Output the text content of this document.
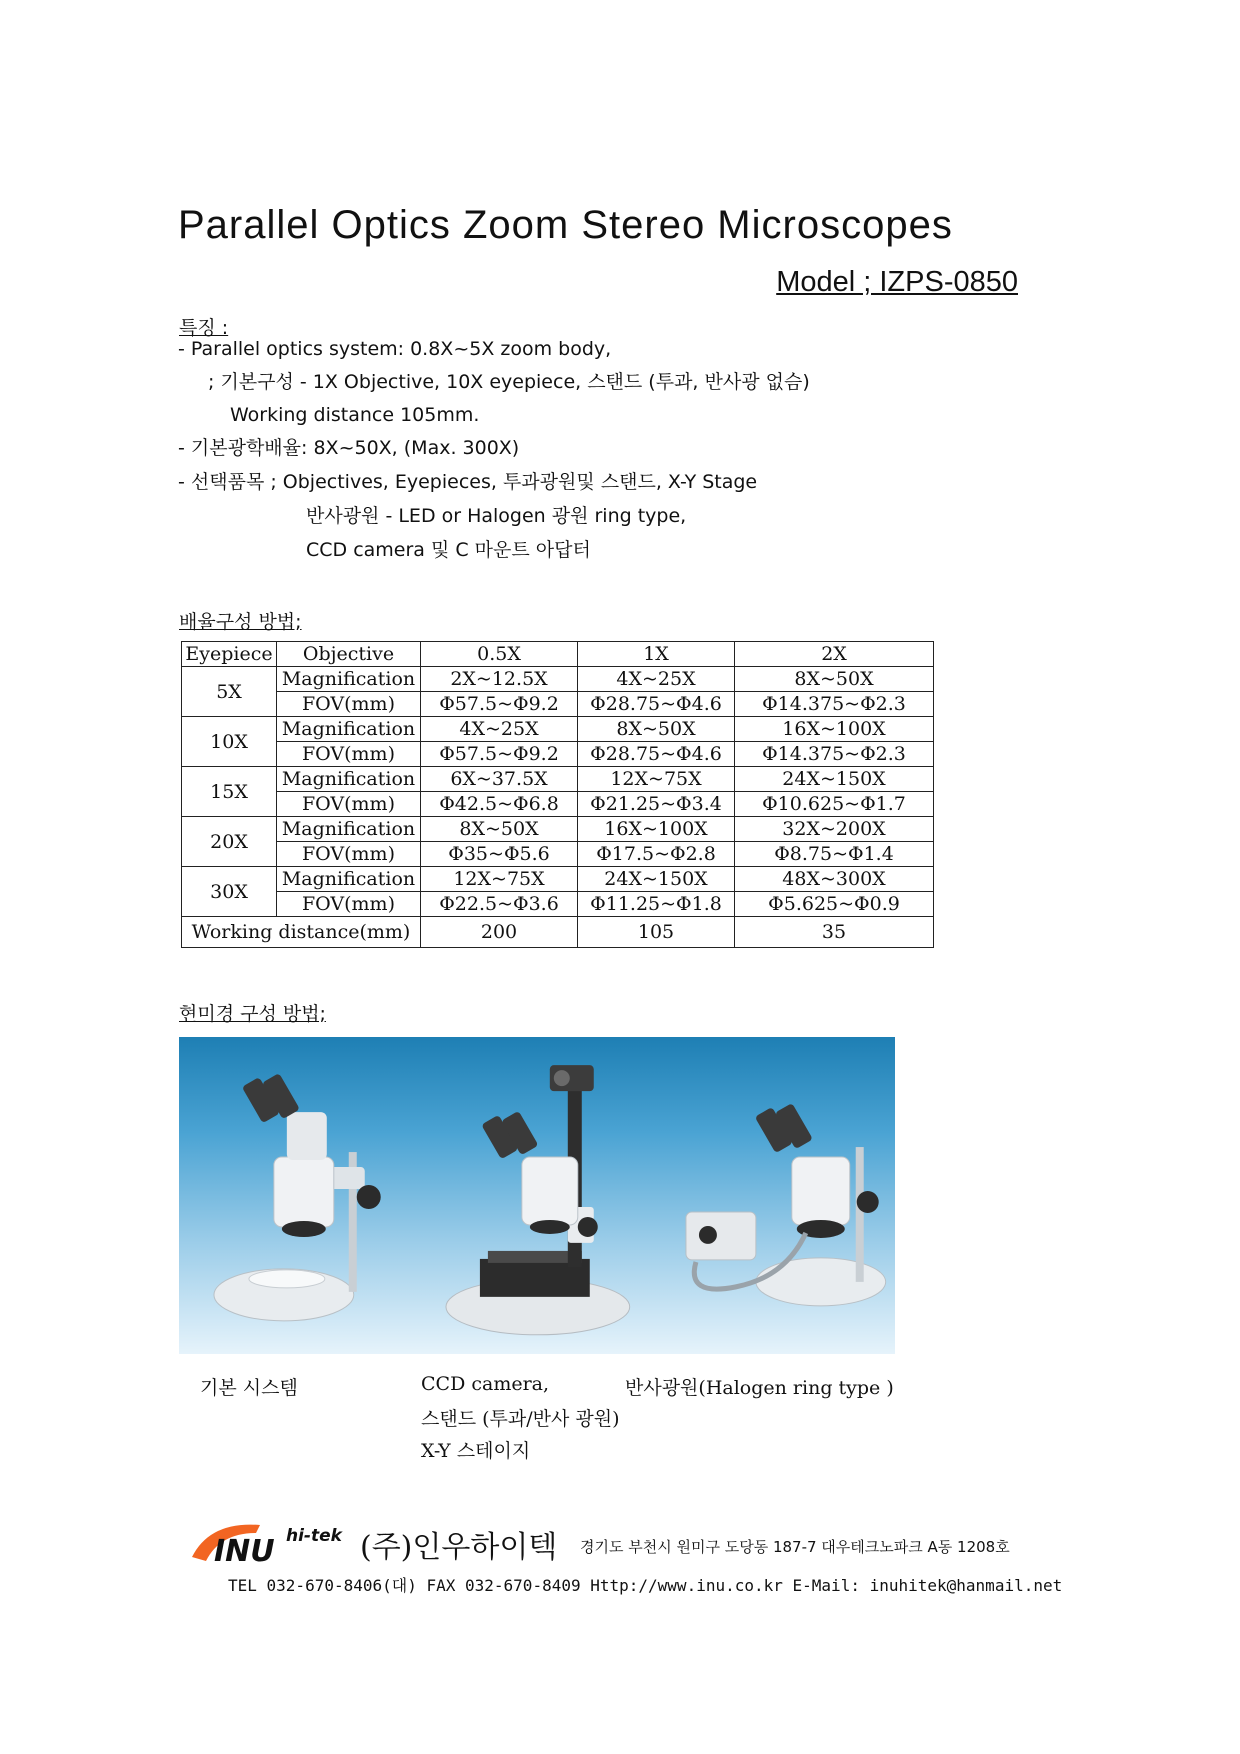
Parallel Optics Zoom Stereo Microscopes
Model ; IZPS-0850
특징 :
- Parallel optics system: 0.8X~5X zoom body,
; 기본구성 - 1X Objective, 10X eyepiece, 스탠드 (투과, 반사광 없슴)
Working distance 105mm.
- 기본광학배율: 8X~50X, (Max. 300X)
- 선택품목 ; Objectives, Eyepieces, 투과광원및 스탠드, X-Y Stage
반사광원 - LED or Halogen 광원 ring type,
CCD camera 및 C 마운트 아답터
배율구성 방법;
Eyepiece	Objective	0.5X	1X	2X
5X	Magnification	2X~12.5X	4X~25X	8X~50X
	FOV(mm)	Φ57.5~Φ9.2	Φ28.75~Φ4.6	Φ14.375~Φ2.3
10X	Magnification	4X~25X	8X~50X	16X~100X
	FOV(mm)	Φ57.5~Φ9.2	Φ28.75~Φ4.6	Φ14.375~Φ2.3
15X	Magnification	6X~37.5X	12X~75X	24X~150X
	FOV(mm)	Φ42.5~Φ6.8	Φ21.25~Φ3.4	Φ10.625~Φ1.7
20X	Magnification	8X~50X	16X~100X	32X~200X
	FOV(mm)	Φ35~Φ5.6	Φ17.5~Φ2.8	Φ8.75~Φ1.4
30X	Magnification	12X~75X	24X~150X	48X~300X
	FOV(mm)	Φ22.5~Φ3.6	Φ11.25~Φ1.8	Φ5.625~Φ0.9
Working distance(mm)		200	105	35
현미경 구성 방법;
기본 시스템	CCD camera,
스탠드 (투과/반사 광원)
X-Y 스테이지
반사광원(Halogen ring type )
INU hi-tek (주)인우하이텍 경기도 부천시 원미구 도당동 187-7 대우테크노파크 A동 1208호
TEL 032-670-8406(대) FAX 032-670-8409 Http://www.inu.co.kr E-Mail: inuhitek@hanmail.net
